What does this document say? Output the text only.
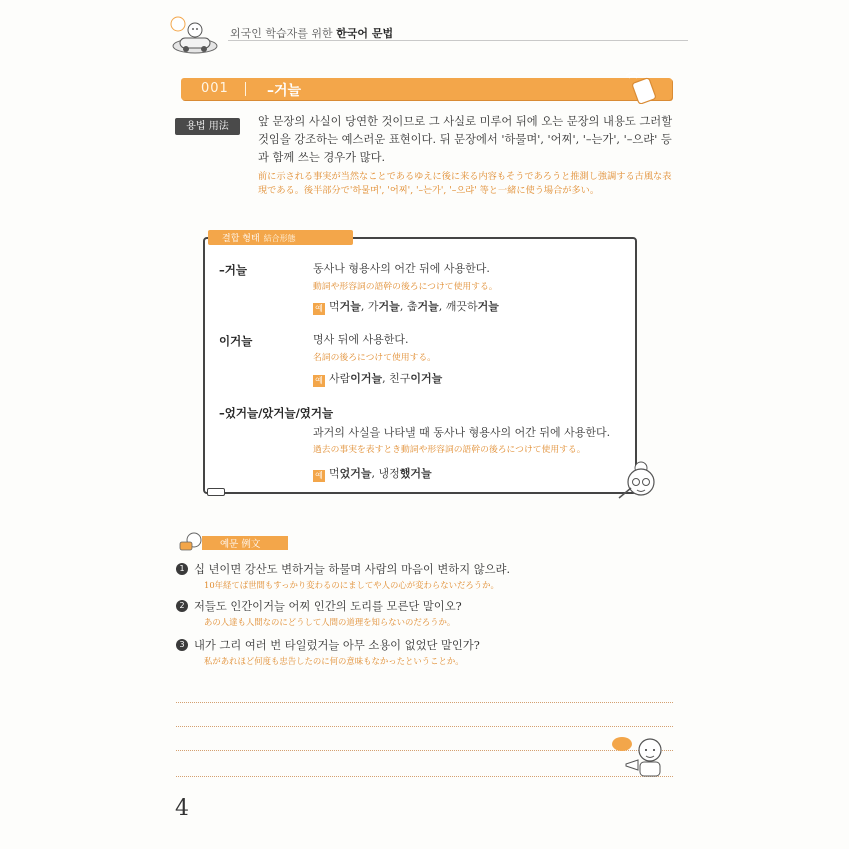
외국인 학습자를 위한 한국어 문법
001	–거늘
용법 用法	앞 문장의 사실이 당연한 것이므로 그 사실로 미루어 뒤에 오는 문장의 내용도 그러할 것임을 강조하는 예스러운 표현이다. 뒤 문장에서 '하물며', '어찌', '–는가', '–으랴' 등과 함께 쓰는 경우가 많다.

前に示される事実が当然なことであるゆえに後に来る内容もそうであろうと推測し強調する古風な表現である。後半部分で'하물며', '어찌', '–는가', '–으랴' 等と一緒に使う場合が多い。

결합 형태 結合形態
–거늘	동사나 형용사의 어간 뒤에 사용한다.
動詞や形容詞の語幹の後ろにつけて使用する。
예 먹거늘, 가거늘, 춥거늘, 깨끗하거늘
이거늘	명사 뒤에 사용한다.
名詞の後ろにつけて使用する。
예 사람이거늘, 친구이거늘
–었거늘/았거늘/였거늘
과거의 사실을 나타낼 때 동사나 형용사의 어간 뒤에 사용한다.
過去の事実を表すとき動詞や形容詞の語幹の後ろにつけて使用する。
예 먹었거늘, 냉정했거늘
예문 例文
1 십 년이면 강산도 변하거늘 하물며 사람의 마음이 변하지 않으랴.
10年経てば世間もすっかり変わるのにましてや人の心が変わらないだろうか。
2 저들도 인간이거늘 어찌 인간의 도리를 모른단 말이오?
あの人達も人間なのにどうして人間の道理を知らないのだろうか。
3 내가 그리 여러 번 타일렀거늘 아무 소용이 없었단 말인가?
私があれほど何度も忠告したのに何の意味もなかったということか。
4
